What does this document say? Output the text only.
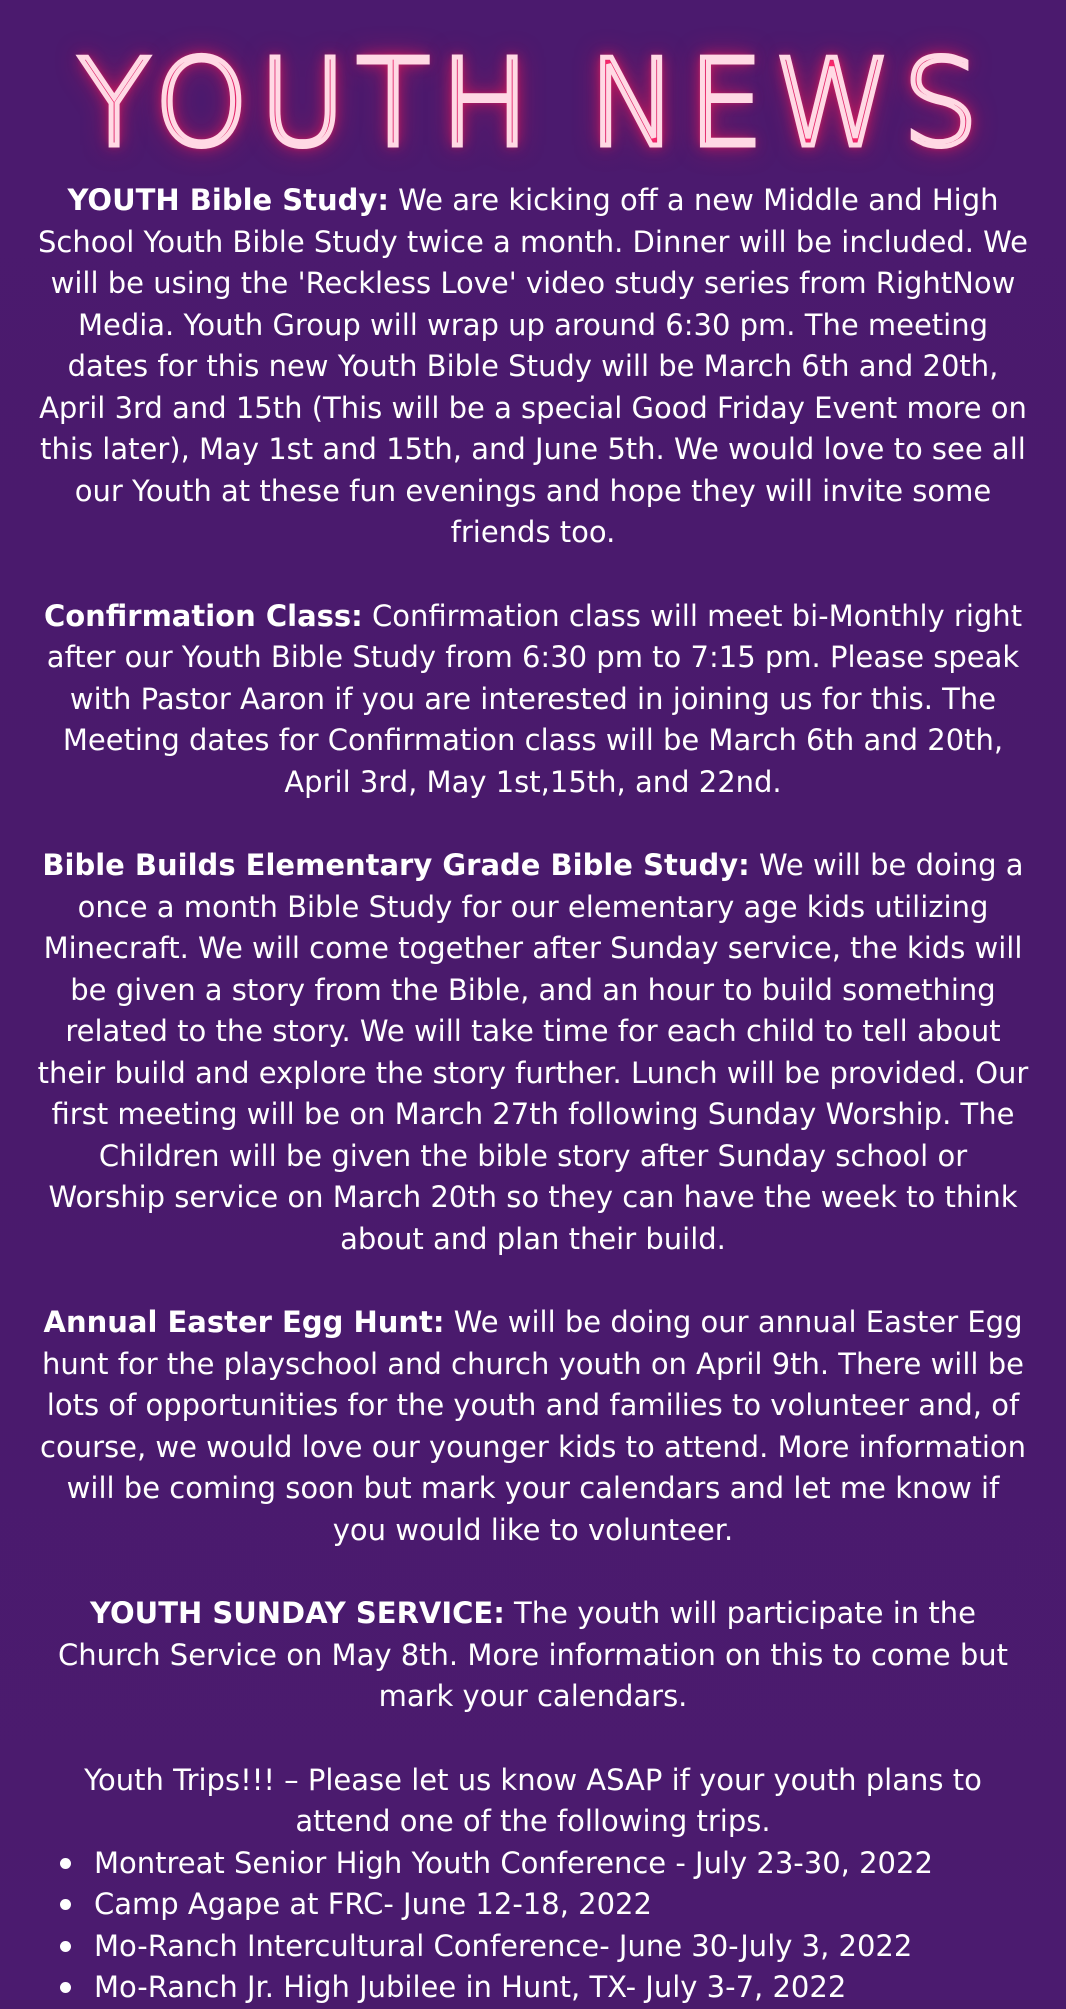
YOUTH NEWS

YOUTH Bible Study: We are kicking off a new Middle and High School Youth Bible Study twice a month. Dinner will be included. We will be using the 'Reckless Love' video study series from RightNow Media. Youth Group will wrap up around 6:30 pm. The meeting dates for this new Youth Bible Study will be March 6th and 20th, April 3rd and 15th (This will be a special Good Friday Event more on this later), May 1st and 15th, and June 5th. We would love to see all our Youth at these fun evenings and hope they will invite some friends too.

Confirmation Class: Confirmation class will meet bi-Monthly right after our Youth Bible Study from 6:30 pm to 7:15 pm. Please speak with Pastor Aaron if you are interested in joining us for this. The Meeting dates for Confirmation class will be March 6th and 20th, April 3rd, May 1st,15th, and 22nd.

Bible Builds Elementary Grade Bible Study: We will be doing a once a month Bible Study for our elementary age kids utilizing Minecraft. We will come together after Sunday service, the kids will be given a story from the Bible, and an hour to build something related to the story. We will take time for each child to tell about their build and explore the story further. Lunch will be provided. Our first meeting will be on March 27th following Sunday Worship. The Children will be given the bible story after Sunday school or Worship service on March 20th so they can have the week to think about and plan their build.

Annual Easter Egg Hunt: We will be doing our annual Easter Egg hunt for the playschool and church youth on April 9th. There will be lots of opportunities for the youth and families to volunteer and, of course, we would love our younger kids to attend. More information will be coming soon but mark your calendars and let me know if you would like to volunteer.

YOUTH SUNDAY SERVICE: The youth will participate in the Church Service on May 8th. More information on this to come but mark your calendars.

Youth Trips!!! – Please let us know ASAP if your youth plans to attend one of the following trips.

Montreat Senior High Youth Conference - July 23-30, 2022
Camp Agape at FRC- June 12-18, 2022
Mo-Ranch Intercultural Conference- June 30-July 3, 2022
Mo-Ranch Jr. High Jubilee in Hunt, TX- July 3-7, 2022
